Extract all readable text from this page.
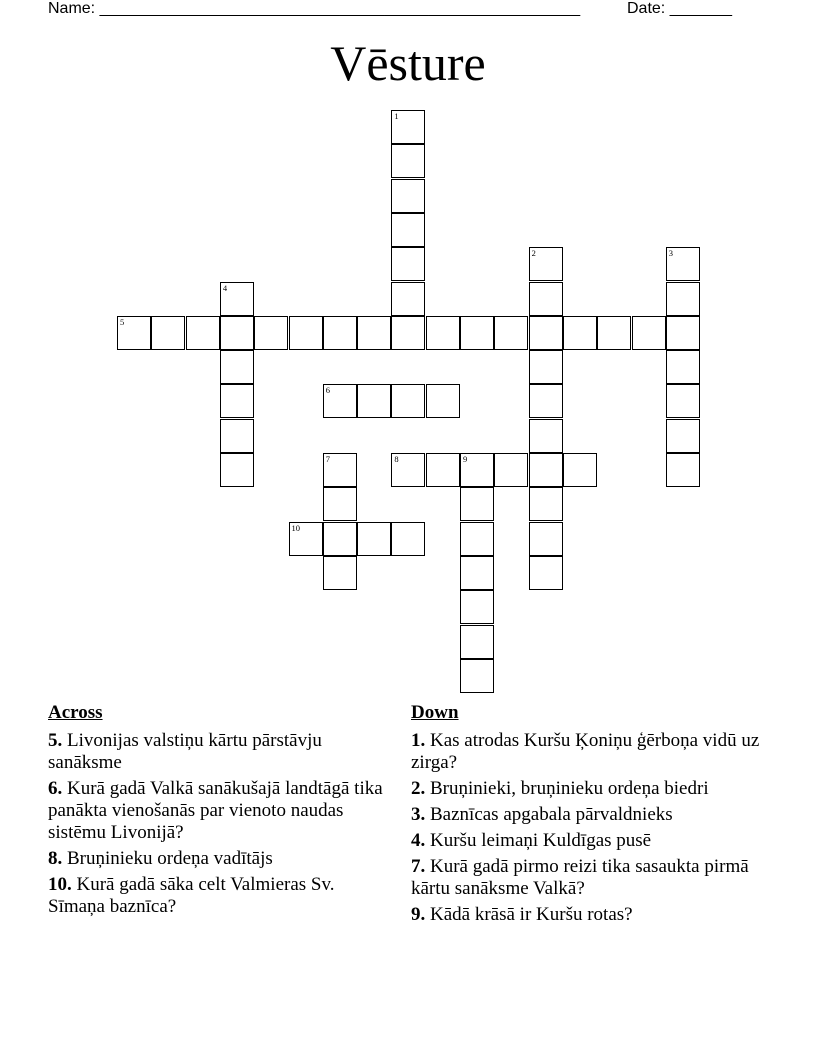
Name: ______________________________________________________	Date: _______
Vēsture
1
2	3
4
5
6
7	8	9
10
Across
5. Livonijas valstiņu kārtu pārstāvju sanāksme
6. Kurā gadā Valkā sanākušajā landtāgā tika panākta vienošanās par vienoto naudas sistēmu Livonijā?
8. Bruņinieku ordeņa vadītājs
10. Kurā gadā sāka celt Valmieras Sv. Sīmaņa baznīca?
Down
1. Kas atrodas Kuršu Ķoniņu ģērboņa vidū uz zirga?
2. Bruņinieki, bruņinieku ordeņa biedri
3. Baznīcas apgabala pārvaldnieks
4. Kuršu leimaņi Kuldīgas pusē
7. Kurā gadā pirmo reizi tika sasaukta pirmā kārtu sanāksme Valkā?
9. Kādā krāsā ir Kuršu rotas?
